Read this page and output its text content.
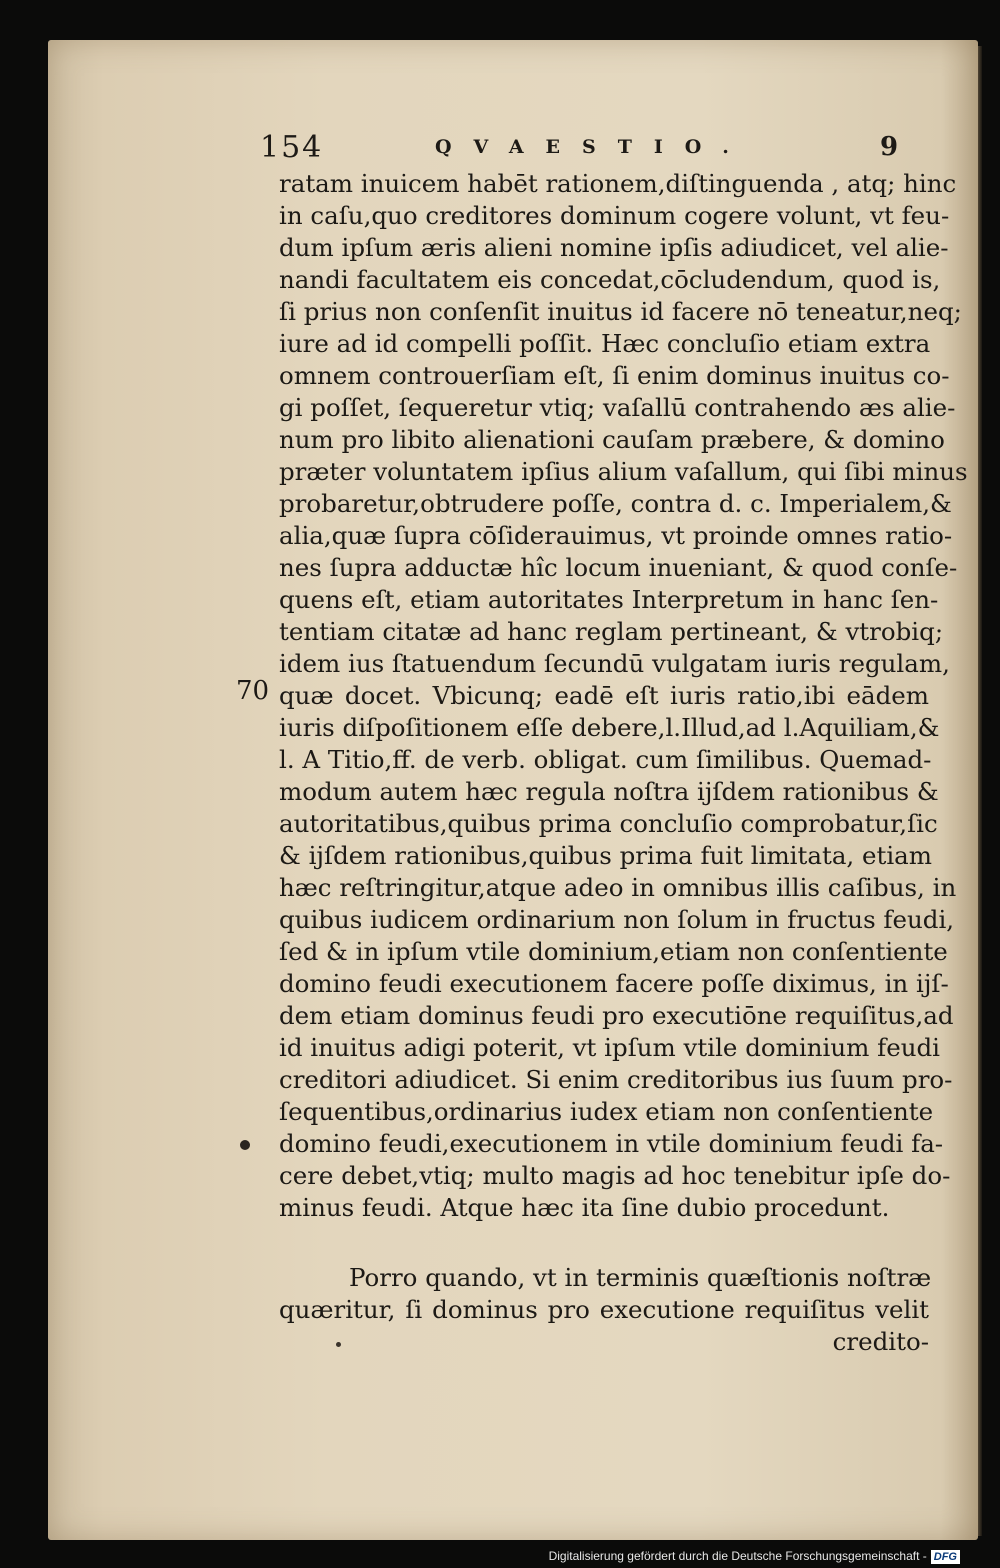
154	QVAESTIO.	9
70
ratam inuicem habēt rationem,diſtinguenda , atq; hinc
in caſu,quo creditores dominum cogere volunt, vt feu-
dum ipſum æris alieni nomine ipſis adiudicet, vel alie-
nandi facultatem eis concedat,cōcludendum, quod is,
ſi prius non conſenſit inuitus id facere nō teneatur,neq;
iure ad id compelli poſſit. Hæc concluſio etiam extra
omnem controuerſiam eſt, ſi enim dominus inuitus co-
gi poſſet, ſequeretur vtiq; vaſallū contrahendo æs alie-
num pro libito alienationi cauſam præbere, & domino
præter voluntatem ipſius alium vaſallum, qui ſibi minus
probaretur,obtrudere poſſe, contra d. c. Imperialem,&
alia,quæ ſupra cōſiderauimus, vt proinde omnes ratio-
nes ſupra adductæ hîc locum inueniant, & quod conſe-
quens eſt, etiam autoritates Interpretum in hanc ſen-
tentiam citatæ ad hanc reglam pertineant, & vtrobiq;
idem ius ſtatuendum ſecundū vulgatam iuris regulam,
quæ docet. Vbicunq; eadē eſt iuris ratio,ibi eādem
iuris diſpoſitionem eſſe debere,l.Illud,ad l.Aquiliam,&
l. A Titio,ff. de verb. obligat. cum ſimilibus. Quemad-
modum autem hæc regula noſtra ijſdem rationibus &
autoritatibus,quibus prima concluſio comprobatur,ſic
& ijſdem rationibus,quibus prima fuit limitata, etiam
hæc reſtringitur,atque adeo in omnibus illis caſibus, in
quibus iudicem ordinarium non ſolum in fructus feudi,
ſed & in ipſum vtile dominium,etiam non conſentiente
domino feudi executionem facere poſſe diximus, in ijſ-
dem etiam dominus feudi pro executiōne requiſitus,ad
id inuitus adigi poterit, vt ipſum vtile dominium feudi
creditori adiudicet. Si enim creditoribus ius ſuum pro-
ſequentibus,ordinarius iudex etiam non conſentiente
domino feudi,executionem in vtile dominium feudi fa-
cere debet,vtiq; multo magis ad hoc tenebitur ipſe do-
minus feudi. Atque hæc ita ſine dubio procedunt.
Porro quando, vt in terminis quæſtionis noſtræ
quæritur, ſi dominus pro executione requiſitus velit
credito-
Digitalisierung gefördert durch die Deutsche Forschungsgemeinschaft - DFG
